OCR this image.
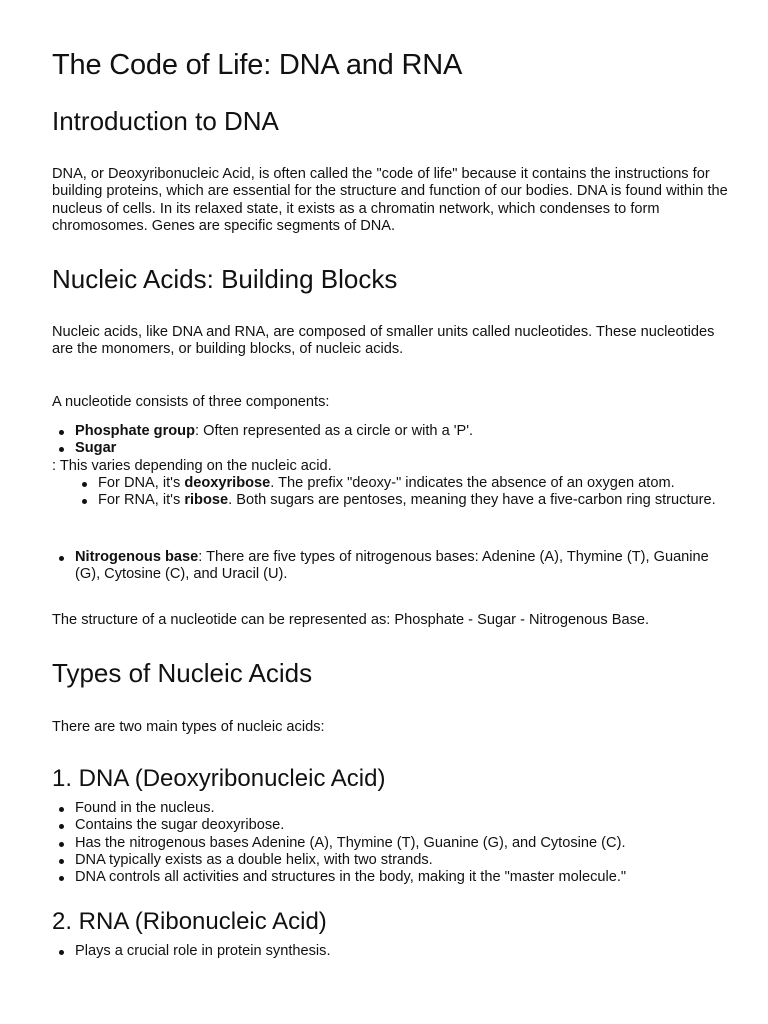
The Code of Life: DNA and RNA
Introduction to DNA

DNA, or Deoxyribonucleic Acid, is often called the "code of life" because it contains the instructions for building proteins, which are essential for the structure and function of our bodies. DNA is found within the nucleus of cells. In its relaxed state, it exists as a chromatin network, which condenses to form chromosomes. Genes are specific segments of DNA.

Nucleic Acids: Building Blocks

Nucleic acids, like DNA and RNA, are composed of smaller units called nucleotides. These nucleotides are the monomers, or building blocks, of nucleic acids.

A nucleotide consists of three components:

Phosphate group: Often represented as a circle or with a 'P'.
Sugar
: This varies depending on the nucleic acid.
For DNA, it's deoxyribose. The prefix "deoxy-" indicates the absence of an oxygen atom.
For RNA, it's ribose. Both sugars are pentoses, meaning they have a five-carbon ring structure.
Nitrogenous base: There are five types of nitrogenous bases: Adenine (A), Thymine (T), Guanine (G), Cytosine (C), and Uracil (U).

The structure of a nucleotide can be represented as: Phosphate - Sugar - Nitrogenous Base.

Types of Nucleic Acids

There are two main types of nucleic acids:

1. DNA (Deoxyribonucleic Acid)
Found in the nucleus.
Contains the sugar deoxyribose.
Has the nitrogenous bases Adenine (A), Thymine (T), Guanine (G), and Cytosine (C).
DNA typically exists as a double helix, with two strands.
DNA controls all activities and structures in the body, making it the "master molecule."
2. RNA (Ribonucleic Acid)
Plays a crucial role in protein synthesis.
